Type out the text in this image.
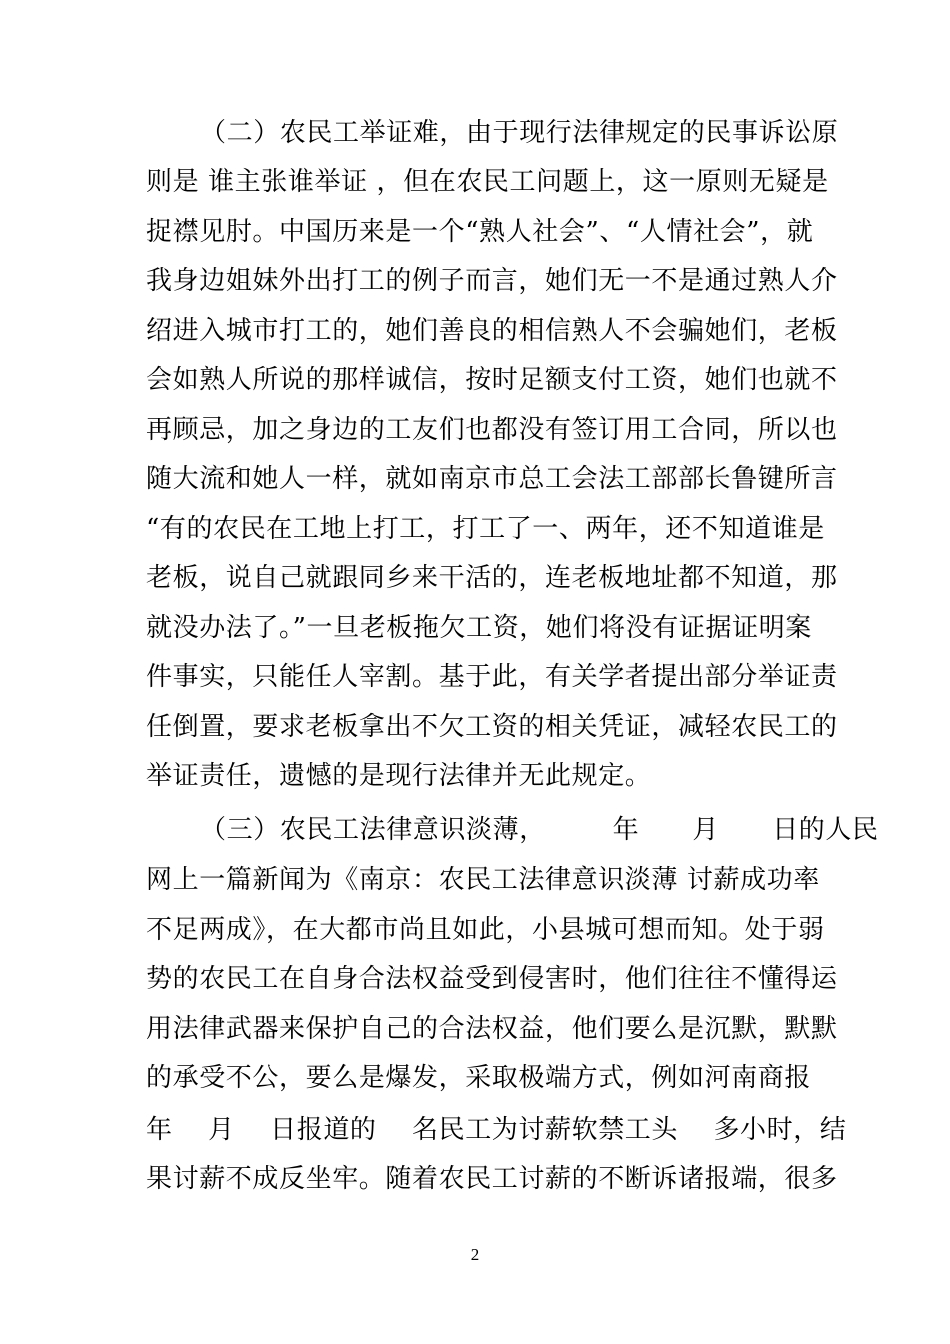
（二）农民工举证难，由于现行法律规定的民事诉讼原
则是 谁主张谁举证 ，但在农民工问题上，这一原则无疑是
捉襟见肘。中国历来是一个“熟人社会”、“人情社会”，就
我身边姐妹外出打工的例子而言，她们无一不是通过熟人介
绍进入城市打工的，她们善良的相信熟人不会骗她们，老板
会如熟人所说的那样诚信，按时足额支付工资，她们也就不
再顾忌，加之身边的工友们也都没有签订用工合同，所以也
随大流和她人一样，就如南京市总工会法工部部长鲁键所言
“有的农民在工地上打工，打工了一、两年，还不知道谁是
老板，说自己就跟同乡来干活的，连老板地址都不知道，那
就没办法了。”一旦老板拖欠工资，她们将没有证据证明案
件事实，只能任人宰割。基于此，有关学者提出部分举证责
任倒置，要求老板拿出不欠工资的相关凭证，减轻农民工的
举证责任，遗憾的是现行法律并无此规定。
（三）农民工法律意识淡薄，　　　年　　月　　日的人民
网上一篇新闻为《南京：农民工法律意识淡薄 讨薪成功率
不足两成》，在大都市尚且如此，小县城可想而知。处于弱
势的农民工在自身合法权益受到侵害时，他们往往不懂得运
用法律武器来保护自己的合法权益，他们要么是沉默，默默
的承受不公，要么是爆发，采取极端方式，例如河南商报
年　 月 　日报道的　 名民工为讨薪软禁工头　 多小时，结
果讨薪不成反坐牢。随着农民工讨薪的不断诉诸报端，很多
2
